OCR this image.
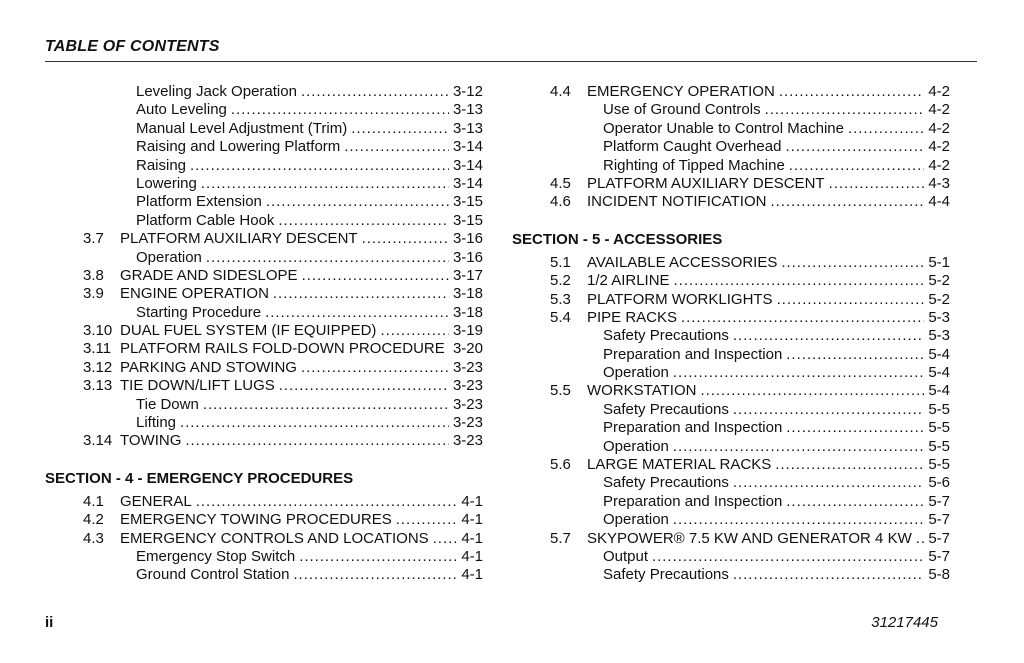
TABLE OF CONTENTS
Leveling Jack Operation . . .	3-12
Auto Leveling . . .	3-13
Manual Level Adjustment (Trim) . . .	3-13
Raising and Lowering Platform . . .	3-14
Raising . . .	3-14
Lowering . . .	3-14
Platform Extension . . .	3-15
Platform Cable Hook . . .	3-15
3.7	PLATFORM AUXILIARY DESCENT . . .	3-16
Operation . . .	3-16
3.8	GRADE AND SIDESLOPE . . .	3-17
3.9	ENGINE OPERATION . . .	3-18
Starting Procedure . . .	3-18
3.10 DUAL FUEL SYSTEM (IF EQUIPPED) . . .	3-19
3.11 PLATFORM RAILS FOLD-DOWN PROCEDURE . . . 3-20
3.12 PARKING AND STOWING . . .	3-23
3.13 TIE DOWN/LIFT LUGS . . .	3-23
Tie Down . . .	3-23
Lifting . . .	3-23
3.14 TOWING . . .	3-23
SECTION - 4 - EMERGENCY PROCEDURES
4.1	GENERAL . . .	4-1
4.2	EMERGENCY TOWING PROCEDURES . . .	4-1
4.3	EMERGENCY CONTROLS AND LOCATIONS . . . 4-1
Emergency Stop Switch . . .	4-1
Ground Control Station . . .	4-1
4.4	EMERGENCY OPERATION . . .	4-2
Use of Ground Controls . . .	4-2
Operator Unable to Control Machine . . .	4-2
Platform Caught Overhead . . .	4-2
Righting of Tipped Machine . . .	4-2
4.5	PLATFORM AUXILIARY DESCENT . . .	4-3
4.6	INCIDENT NOTIFICATION . . .	4-4
SECTION - 5 - ACCESSORIES
5.1	AVAILABLE ACCESSORIES . . .	5-1
5.2	1/2 AIRLINE . . .	5-2
5.3	PLATFORM WORKLIGHTS . . .	5-2
5.4	PIPE RACKS . . .	5-3
Safety Precautions . . .	5-3
Preparation and Inspection . . .	5-4
Operation . . .	5-4
5.5	WORKSTATION . . .	5-4
Safety Precautions . . .	5-5
Preparation and Inspection . . .	5-5
Operation . . .	5-5
5.6	LARGE MATERIAL RACKS . . .	5-5
Safety Precautions . . .	5-6
Preparation and Inspection . . .	5-7
Operation . . .	5-7
5.7	SKYPOWER® 7.5 KW AND GENERATOR 4 KW . . . 5-7
Output . . .	5-7
Safety Precautions . . .	5-8
ii	31217445
